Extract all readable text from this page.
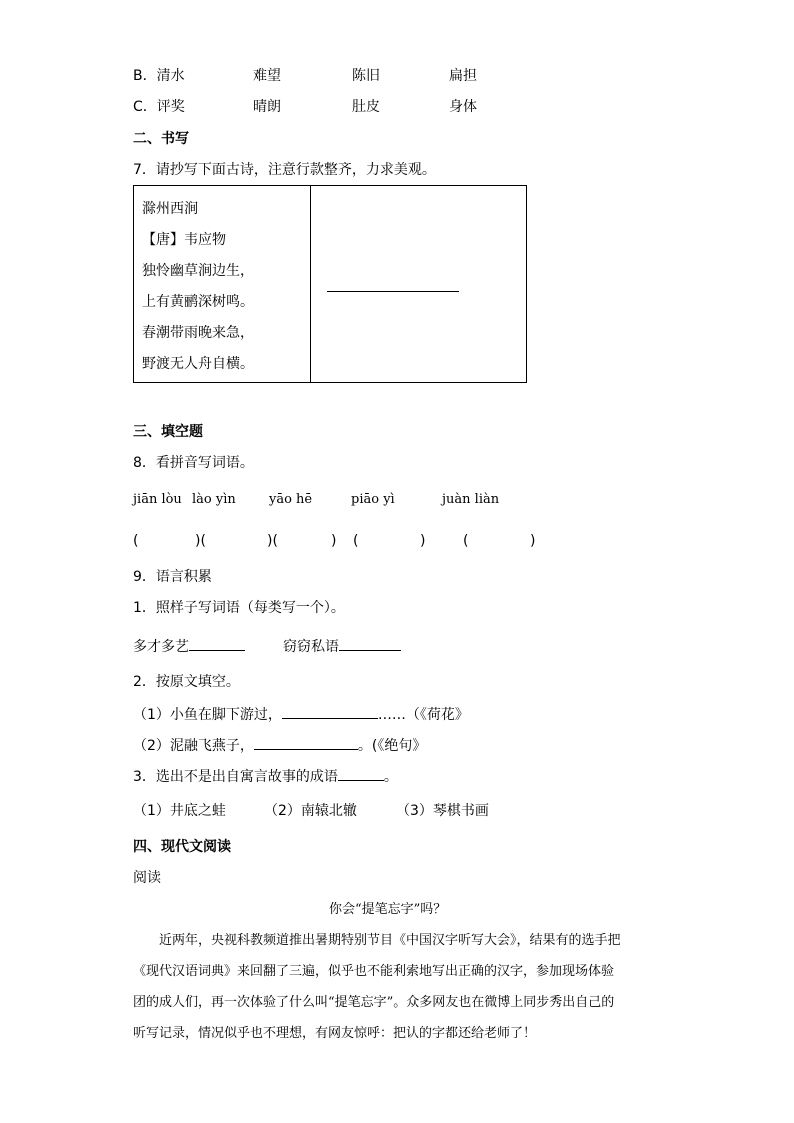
B．清水	难望	陈旧	扁担
C．评奖	晴朗	肚皮	身体
二、书写
7．请抄写下面古诗，注意行款整齐，力求美观。
滁州西涧
【唐】韦应物
独怜幽草涧边生，
上有黄鹂深树鸣。
春潮带雨晚来急，
野渡无人舟自横。
三、填空题
8．看拼音写词语。
jiān lòu lào yìn	yāo hē	piāo yì	juàn liàn
(	)(	)(	) (	)	(	)
9．语言积累
1．照样子写词语（每类写一个）。
多才多艺	窃窃私语
2．按原文填空。
（1）小鱼在脚下游过，	……（《荷花》
（2）泥融飞燕子，	。(《绝句》
3．选出不是出自寓言故事的成语	。
（1）井底之蛙	（2）南辕北辙	（3）琴棋书画
四、现代文阅读
阅读
你会“提笔忘字”吗？
近两年，央视科教频道推出暑期特别节目《中国汉字听写大会》，结果有的选手把
《现代汉语词典》来回翻了三遍，似乎也不能利索地写出正确的汉字，参加现场体验
团的成人们，再一次体验了什么叫“提笔忘字”。众多网友也在微博上同步秀出自己的
听写记录，情况似乎也不理想，有网友惊呼：把认的字都还给老师了！
